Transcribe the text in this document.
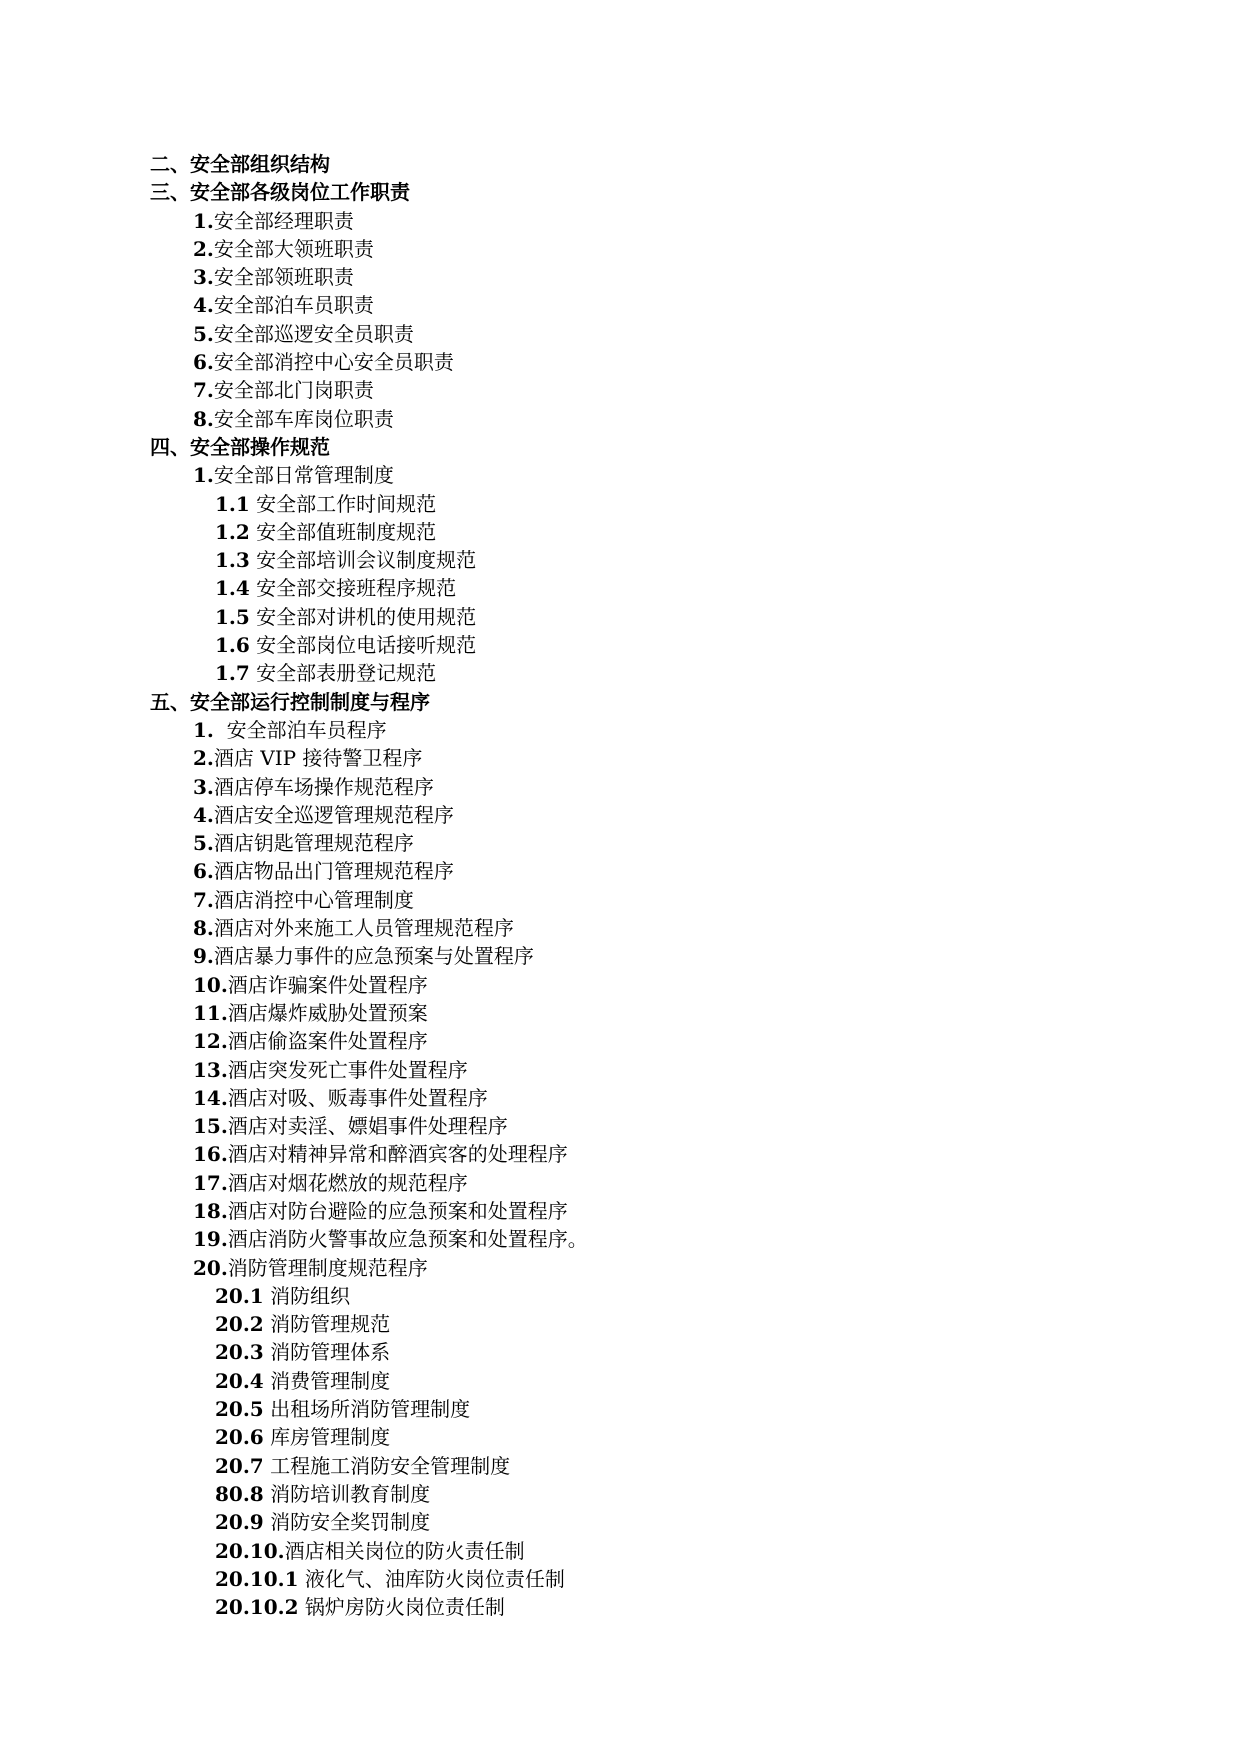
二、安全部组织结构
三、安全部各级岗位工作职责
1.安全部经理职责
2.安全部大领班职责
3.安全部领班职责
4.安全部泊车员职责
5.安全部巡逻安全员职责
6.安全部消控中心安全员职责
7.安全部北门岗职责
8.安全部车库岗位职责
四、安全部操作规范
1.安全部日常管理制度
1.1 安全部工作时间规范
1.2 安全部值班制度规范
1.3 安全部培训会议制度规范
1.4 安全部交接班程序规范
1.5 安全部对讲机的使用规范
1.6 安全部岗位电话接听规范
1.7 安全部表册登记规范
五、安全部运行控制制度与程序
1.  安全部泊车员程序
2.酒店 VIP 接待警卫程序
3.酒店停车场操作规范程序
4.酒店安全巡逻管理规范程序
5.酒店钥匙管理规范程序
6.酒店物品出门管理规范程序
7.酒店消控中心管理制度
8.酒店对外来施工人员管理规范程序
9.酒店暴力事件的应急预案与处置程序
10.酒店诈骗案件处置程序
11.酒店爆炸威胁处置预案
12.酒店偷盗案件处置程序
13.酒店突发死亡事件处置程序
14.酒店对吸、贩毒事件处置程序
15.酒店对卖淫、嫖娼事件处理程序
16.酒店对精神异常和醉酒宾客的处理程序
17.酒店对烟花燃放的规范程序
18.酒店对防台避险的应急预案和处置程序
19.酒店消防火警事故应急预案和处置程序。
20.消防管理制度规范程序
20.1 消防组织
20.2 消防管理规范
20.3 消防管理体系
20.4 消费管理制度
20.5 出租场所消防管理制度
20.6 库房管理制度
20.7 工程施工消防安全管理制度
80.8 消防培训教育制度
20.9 消防安全奖罚制度
20.10.酒店相关岗位的防火责任制
20.10.1 液化气、油库防火岗位责任制
20.10.2 锅炉房防火岗位责任制
